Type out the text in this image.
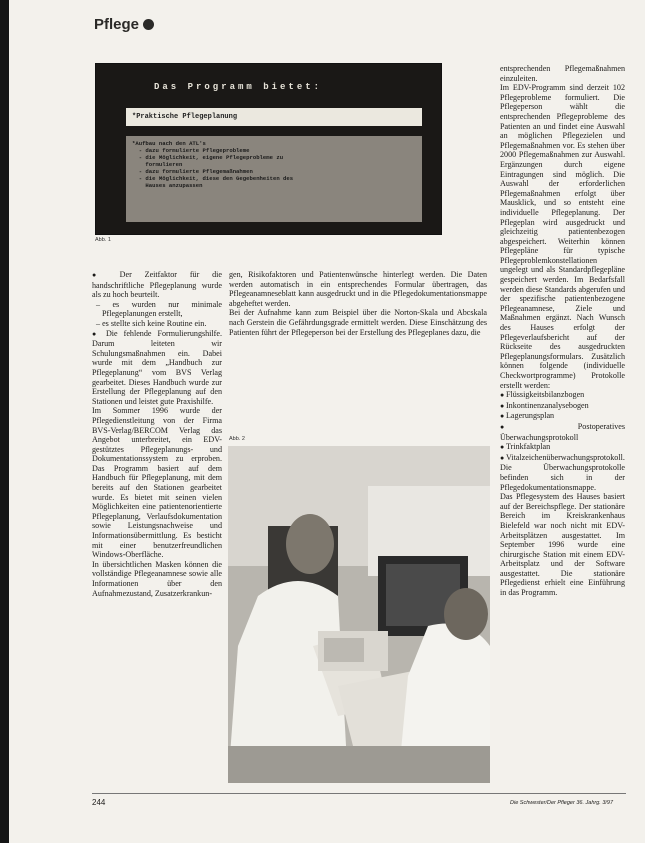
Pflege
Das Programm bietet:
*Praktische Pflegeplanung
*Aufbau nach den ATL's
- dazu formulierte Pflegeprobleme
- die Möglichkeit, eigene Pflegeprobleme zu
formulieren
- dazu formulierte Pflegemaßnahmen
- die Möglichkeit, diese den Gegebenheiten des
Hauses anzupassen
Abb. 1

● Der Zeitfaktor für die handschriftliche Pflegeplanung wurde als zu hoch beurteilt.

– es wurden nur minimale Pflegeplanungen erstellt,

– es stellte sich keine Routine ein.

● Die fehlende Formulierungshilfe. Darum leiteten wir Schulungsmaßnahmen ein. Dabei wurde mit dem „Handbuch zur Pflegeplanung“ vom BVS Verlag gearbeitet. Dieses Handbuch wurde zur Erstellung der Pflegeplanung auf den Stationen und leistet gute Praxishilfe.

Im Sommer 1996 wurde der Pflegedienstleitung von der Firma BVS-Verlag/BERCOM Verlag das Angebot unterbreitet, ein EDV-gestütztes Pflegeplanungs- und Dokumentationssystem zu erproben. Das Programm basiert auf dem Handbuch für Pflegeplanung, mit dem bereits auf den Stationen gearbeitet wurde. Es bietet mit seinen vielen Möglichkeiten eine patientenorientierte Pflegeplanung, Verlaufsdokumentation sowie Leistungsnachweise und Informationsübermittlung. Es besticht mit einer benutzerfreundlichen Windows-Oberfläche.

In übersichtlichen Masken können die vollständige Pflegeanamnese sowie alle Informationen über den Aufnahmezustand, Zusatzerkrankun-

gen, Risikofaktoren und Patientenwünsche hinterlegt werden. Die Daten werden automatisch in ein entsprechendes Formular übertragen, das Pflegeanamneseblatt kann ausgedruckt und in die Pflegedokumentationsmappe abgeheftet werden.

Bei der Aufnahme kann zum Beispiel über die Norton-Skala und Abcskala nach Gerstein die Gefährdungsgrade ermittelt werden. Diese Einschätzung des Patienten führt der Pflegeperson bei der Erstellung des Pflegeplanes dazu, die

entsprechenden Pflegemaßnahmen einzuleiten.

Im EDV-Programm sind derzeit 102 Pflegeprobleme formuliert. Die Pflegeperson wählt die entsprechenden Pflegeprobleme des Patienten an und findet eine Auswahl an möglichen Pflegezielen und Pflegemaßnahmen vor. Es stehen über 2000 Pflegemaßnahmen zur Auswahl. Ergänzungen durch eigene Eintragungen sind möglich. Die Auswahl der erforderlichen Pflegemaßnahmen erfolgt über Mausklick, und so entsteht eine individuelle Pflegeplanung. Der Pflegeplan wird ausgedruckt und gleichzeitig patientenbezogen abgespeichert. Weiterhin können Pflegepläne für typische Pflegeproblemkonstellationen ungelegt und als Standardpflegepläne gespeichert werden. Im Bedarfsfall werden diese Standards abgerufen und der spezifische patientenbezogene Pflegeanamnese, Ziele und Maßnahmen ergänzt. Nach Wunsch des Hauses erfolgt der Pflegeverlaufsbericht auf der Rückseite des ausgedruckten Pflegeplanungsformulars. Zusätzlich können folgende (individuelle Checkwortprogramme) Protokolle erstellt werden:

● Flüssigkeitsbilanzbogen

● Inkontinenzanalysebogen

● Lagerungsplan

● Postoperatives Überwachungsprotokoll

● Trinkfaktplan

● Vitalzeichenüberwachungsprotokoll.

Die Überwachungsprotokolle befinden sich in der Pflegedokumentationsmappe.

Das Pflegesystem des Hauses basiert auf der Bereichspflege. Der stationäre Bereich im Kreiskrankenhaus Bielefeld war noch nicht mit EDV-Arbeitsplätzen ausgestattet. Im September 1996 wurde eine chirurgische Station mit einem EDV-Arbeitsplatz und der Software ausgestattet. Die stationäre Pflegedienst erhielt eine Einführung in das Programm.

Abb. 2
244	Die Schwester/Der Pfleger 36. Jahrg. 3/97
